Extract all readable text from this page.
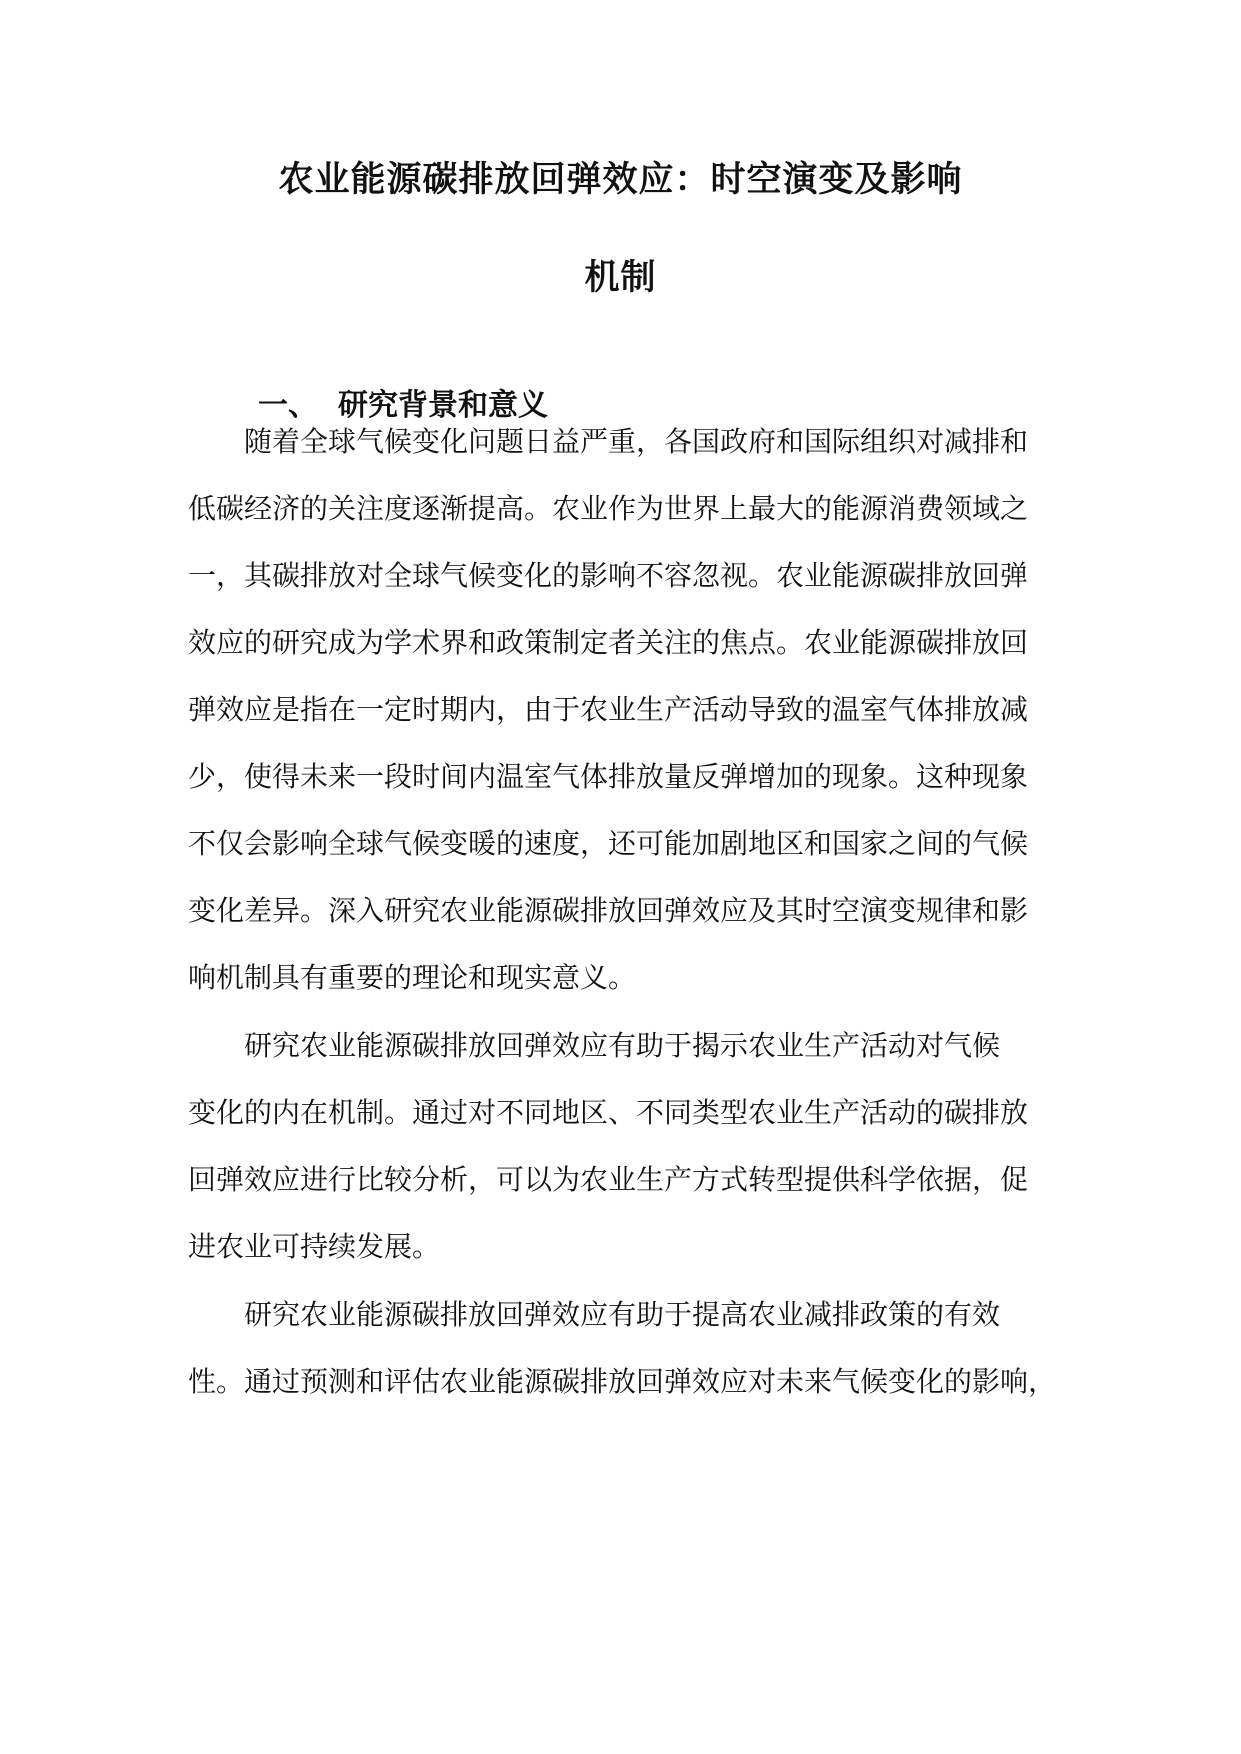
农业能源碳排放回弹效应：时空演变及影响
机制
一、 研究背景和意义
随着全球气候变化问题日益严重，各国政府和国际组织对减排和
低碳经济的关注度逐渐提高。农业作为世界上最大的能源消费领域之
一，其碳排放对全球气候变化的影响不容忽视。农业能源碳排放回弹
效应的研究成为学术界和政策制定者关注的焦点。农业能源碳排放回
弹效应是指在一定时期内，由于农业生产活动导致的温室气体排放减
少，使得未来一段时间内温室气体排放量反弹增加的现象。这种现象
不仅会影响全球气候变暖的速度，还可能加剧地区和国家之间的气候
变化差异。深入研究农业能源碳排放回弹效应及其时空演变规律和影
响机制具有重要的理论和现实意义。
研究农业能源碳排放回弹效应有助于揭示农业生产活动对气候
变化的内在机制。通过对不同地区、不同类型农业生产活动的碳排放
回弹效应进行比较分析，可以为农业生产方式转型提供科学依据，促
进农业可持续发展。
研究农业能源碳排放回弹效应有助于提高农业减排政策的有效
性。通过预测和评估农业能源碳排放回弹效应对未来气候变化的影响，
